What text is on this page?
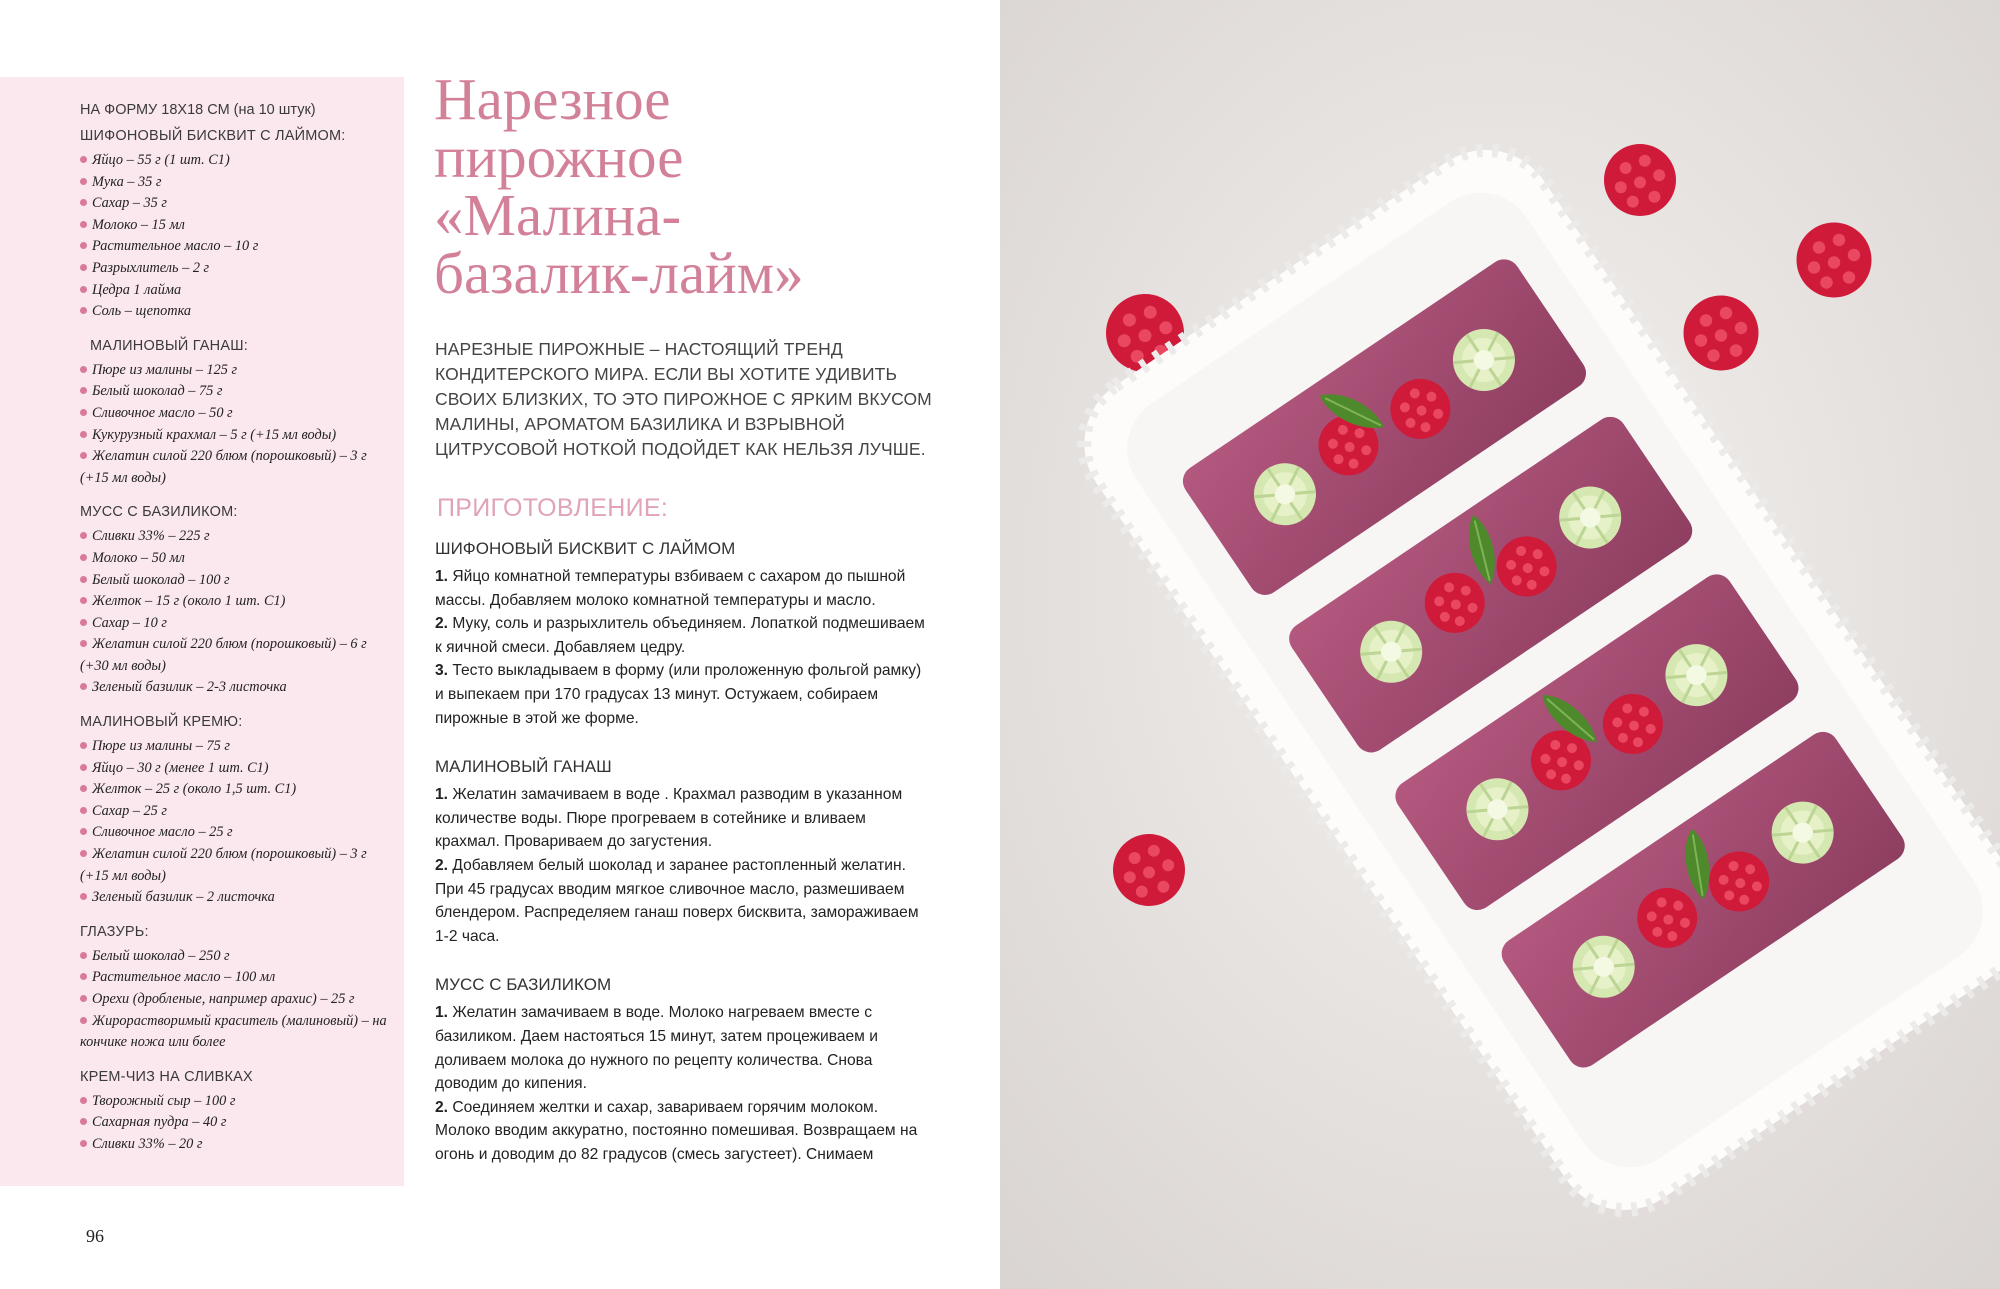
НА ФОРМУ 18Х18 СМ (на 10 штук)
ШИФОНОВЫЙ БИСКВИТ С ЛАЙМОМ:
Яйцо – 55 г (1 шт. С1)
Мука – 35 г
Сахар – 35 г
Молоко – 15 мл
Растительное масло – 10 г
Разрыхлитель – 2 г
Цедра 1 лайма
Соль – щепотка
МАЛИНОВЫЙ ГАНАШ:
Пюре из малины – 125 г
Белый шоколад – 75 г
Сливочное масло – 50 г
Кукурузный крахмал – 5 г (+15 мл воды)
Желатин силой 220 блюм (порошковый) – 3 г (+15 мл воды)
МУСС С БАЗИЛИКОМ:
Сливки 33% – 225 г
Молоко – 50 мл
Белый шоколад – 100 г
Желток – 15 г (около 1 шт. С1)
Сахар – 10 г
Желатин силой 220 блюм (порошковый) – 6 г (+30 мл воды)
Зеленый базилик – 2-3 листочка
МАЛИНОВЫЙ КРЕМЮ:
Пюре из малины – 75 г
Яйцо – 30 г (менее 1 шт. С1)
Желток – 25 г (около 1,5 шт. С1)
Сахар – 25 г
Сливочное масло – 25 г
Желатин силой 220 блюм (порошковый) – 3 г (+15 мл воды)
Зеленый базилик – 2 листочка
ГЛАЗУРЬ:
Белый шоколад – 250 г
Растительное масло – 100 мл
Орехи (дробленые, например арахис) – 25 г
Жирорастворимый краситель (малиновый) – на кончике ножа или более
КРЕМ-ЧИЗ НА СЛИВКАХ
Творожный сыр – 100 г
Сахарная пудра – 40 г
Сливки 33% – 20 г
Нарезное пирожное «Малина-базалик-лайм»
НАРЕЗНЫЕ ПИРОЖНЫЕ – НАСТОЯЩИЙ ТРЕНД КОНДИТЕРСКОГО МИРА. ЕСЛИ ВЫ ХОТИТЕ УДИВИТЬ СВОИХ БЛИЗКИХ, ТО ЭТО ПИРОЖНОЕ С ЯРКИМ ВКУСОМ МАЛИНЫ, АРОМАТОМ БАЗИЛИКА И ВЗРЫВНОЙ ЦИТРУСОВОЙ НОТКОЙ ПОДОЙДЕТ КАК НЕЛЬЗЯ ЛУЧШЕ.
ПРИГОТОВЛЕНИЕ:
ШИФОНОВЫЙ БИСКВИТ С ЛАЙМОМ

1. Яйцо комнатной температуры взбиваем с сахаром до пышной массы. Добавляем молоко комнатной температуры и масло.

2. Муку, соль и разрыхлитель объединяем. Лопаткой подмешиваем к яичной смеси. Добавляем цедру.

3. Тесто выкладываем в форму (или проложенную фольгой рамку) и выпекаем при 170 градусах 13 минут. Остужаем, собираем пирожные в этой же форме.

МАЛИНОВЫЙ ГАНАШ

1. Желатин замачиваем в воде . Крахмал разводим в указанном количестве воды. Пюре прогреваем в сотейнике и вливаем крахмал. Провариваем до загустения.

2. Добавляем белый шоколад и заранее растопленный желатин. При 45 градусах вводим мягкое сливочное масло, размешиваем блендером. Распределяем ганаш поверх бисквита, замораживаем 1-2 часа.

МУСС С БАЗИЛИКОМ

1. Желатин замачиваем в воде. Молоко нагреваем вместе с базиликом. Даем настояться 15 минут, затем процеживаем и доливаем молока до нужного по рецепту количества. Снова доводим до кипения.

2. Соединяем желтки и сахар, завариваем горячим молоком. Молоко вводим аккуратно, постоянно помешивая. Возвращаем на огонь и доводим до 82 градусов (смесь загустеет). Снимаем

96
